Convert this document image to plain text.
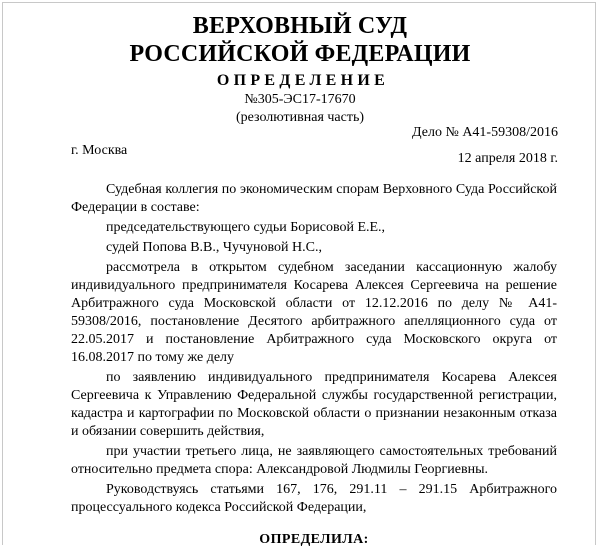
ВЕРХОВНЫЙ СУД
РОССИЙСКОЙ ФЕДЕРАЦИИ
ОПРЕДЕЛЕНИЕ
№305-ЭС17-17670
(резолютивная часть)
Дело № А41-59308/2016
г. Москва
12 апреля 2018 г.

Судебная коллегия по экономическим спорам Верховного Суда Российской Федерации в составе:

председательствующего судьи Борисовой Е.Е.,

судей Попова В.В., Чучуновой Н.С.,

рассмотрела в открытом судебном заседании кассационную жалобу индивидуального предпринимателя Косарева Алексея Сергеевича на решение Арбитражного суда Московской области от 12.12.2016 по делу № А41-59308/2016, постановление Десятого арбитражного апелляционного суда от 22.05.2017 и постановление Арбитражного суда Московского округа от 16.08.2017 по тому же делу

по заявлению индивидуального предпринимателя Косарева Алексея Сергеевича к Управлению Федеральной службы государственной регистрации, кадастра и картографии по Московской области о признании незаконным отказа и обязании совершить действия,

при участии третьего лица, не заявляющего самостоятельных требований относительно предмета спора: Александровой Людмилы Георгиевны.

Руководствуясь статьями 167, 176, 291.11 – 291.15 Арбитражного процессуального кодекса Российской Федерации,

ОПРЕДЕЛИЛА:
